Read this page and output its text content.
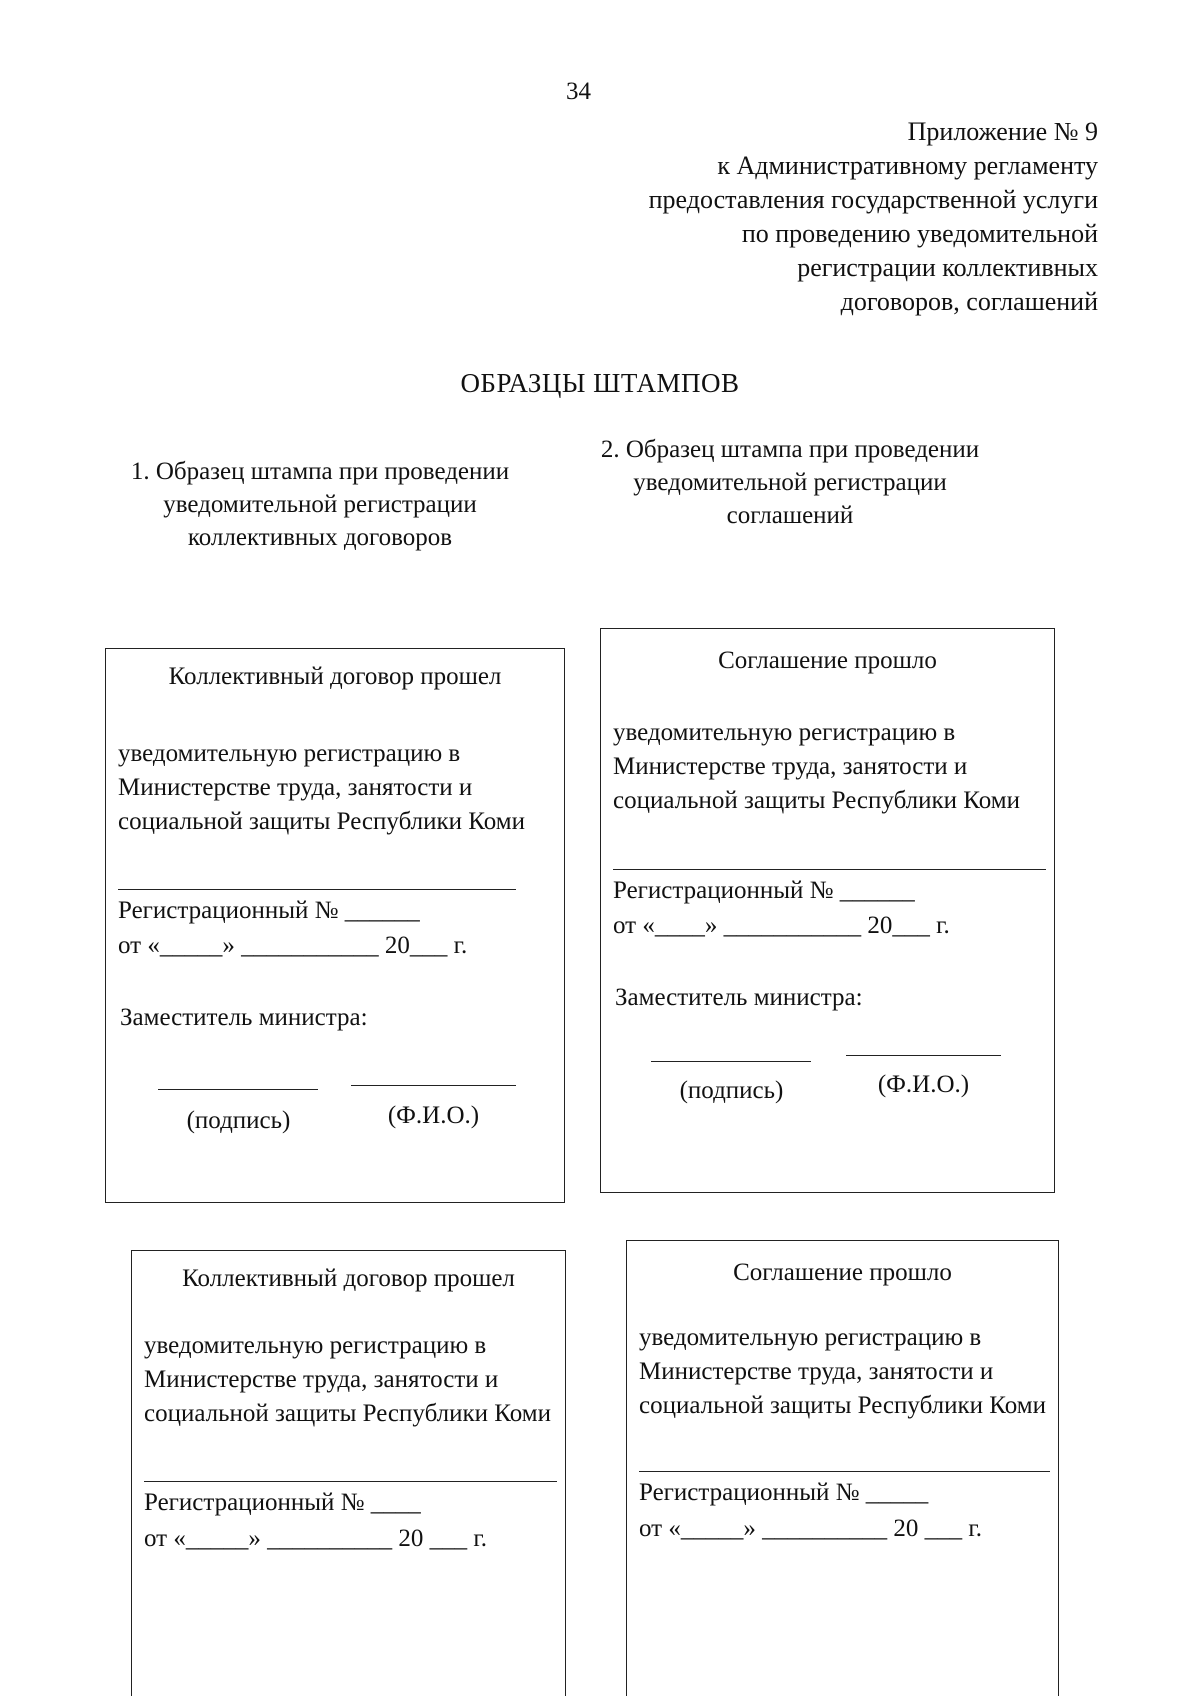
34
Приложение № 9
к Административному регламенту
предоставления государственной услуги
по проведению уведомительной
регистрации коллективных
договоров, соглашений
ОБРАЗЦЫ ШТАМПОВ
1. Образец штампа при проведении уведомительной регистрации коллективных договоров
2. Образец штампа при проведении уведомительной регистрации соглашений
Коллективный договор прошел
уведомительную регистрацию в Министерстве труда, занятости и социальной защиты Республики Коми
Регистрационный № ______
от «_____» ___________ 20___ г.
Заместитель министра:
(подпись)	(Ф.И.О.)
Соглашение прошло
уведомительную регистрацию в Министерстве труда, занятости и социальной защиты Республики Коми
Регистрационный № ______
от «____» ___________ 20___ г.
Заместитель министра:
(подпись)	(Ф.И.О.)
Коллективный договор прошел
уведомительную регистрацию в Министерстве труда, занятости и социальной защиты Республики Коми
Регистрационный № ____
от «_____» __________ 20 ___ г.
Соглашение прошло
уведомительную регистрацию в Министерстве труда, занятости и социальной защиты Республики Коми
Регистрационный № _____
от «_____» __________ 20 ___ г.
